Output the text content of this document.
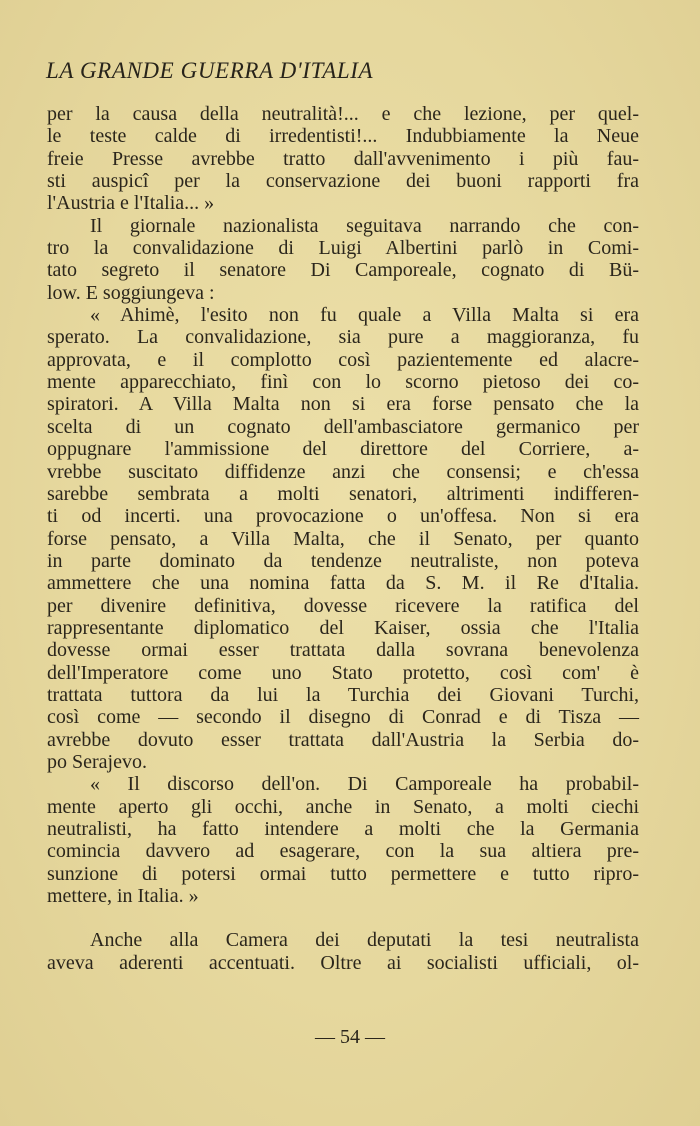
LA GRANDE GUERRA D'ITALIA
per la causa della neutralità!... e che lezione, per quel-
le teste calde di irredentisti!... Indubbiamente la Neue
freie Presse avrebbe tratto dall'avvenimento i più fau-
sti auspicî per la conservazione dei buoni rapporti fra
l'Austria e l'Italia... »
Il giornale nazionalista seguitava narrando che con-
tro la convalidazione di Luigi Albertini parlò in Comi-
tato segreto il senatore Di Camporeale, cognato di Bü-
low. E soggiungeva :
« Ahimè, l'esito non fu quale a Villa Malta si era
sperato. La convalidazione, sia pure a maggioranza, fu
approvata, e il complotto così pazientemente ed alacre-
mente apparecchiato, finì con lo scorno pietoso dei co-
spiratori. A Villa Malta non si era forse pensato che la
scelta di un cognato dell'ambasciatore germanico per
oppugnare l'ammissione del direttore del Corriere, a-
vrebbe suscitato diffidenze anzi che consensi; e ch'essa
sarebbe sembrata a molti senatori, altrimenti indifferen-
ti od incerti. una provocazione o un'offesa. Non si era
forse pensato, a Villa Malta, che il Senato, per quanto
in parte dominato da tendenze neutraliste, non poteva
ammettere che una nomina fatta da S. M. il Re d'Italia.
per divenire definitiva, dovesse ricevere la ratifica del
rappresentante diplomatico del Kaiser, ossia che l'Italia
dovesse ormai esser trattata dalla sovrana benevolenza
dell'Imperatore come uno Stato protetto, così com' è
trattata tuttora da lui la Turchia dei Giovani Turchi,
così come — secondo il disegno di Conrad e di Tisza —
avrebbe dovuto esser trattata dall'Austria la Serbia do-
po Serajevo.
« Il discorso dell'on. Di Camporeale ha probabil-
mente aperto gli occhi, anche in Senato, a molti ciechi
neutralisti, ha fatto intendere a molti che la Germania
comincia davvero ad esagerare, con la sua altiera pre-
sunzione di potersi ormai tutto permettere e tutto ripro-
mettere, in Italia. »
Anche alla Camera dei deputati la tesi neutralista
aveva aderenti accentuati. Oltre ai socialisti ufficiali, ol-
— 54 —
